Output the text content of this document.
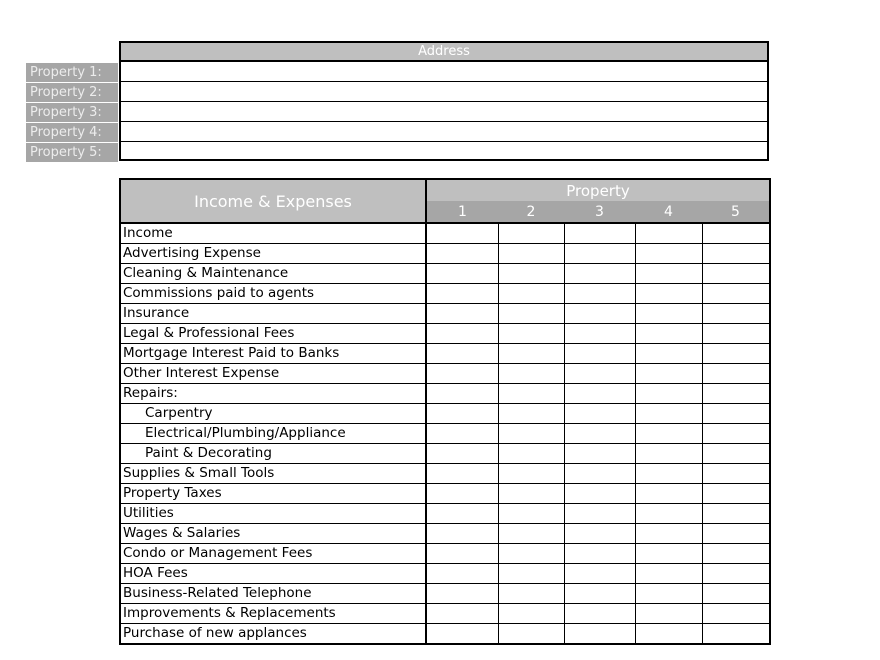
Address
Property 1:
Property 2:
Property 3:
Property 4:
Property 5:
Income & Expenses	Property				
	1	2	3	4	5
Income					
Advertising Expense					
Cleaning & Maintenance					
Commissions paid to agents					
Insurance					
Legal & Professional Fees					
Mortgage Interest Paid to Banks					
Other Interest Expense					
Repairs:					
Carpentry					
Electrical/Plumbing/Appliance					
Paint & Decorating					
Supplies & Small Tools					
Property Taxes					
Utilities					
Wages & Salaries					
Condo or Management Fees					
HOA Fees					
Business-Related Telephone					
Improvements & Replacements					
Purchase of new applances					
